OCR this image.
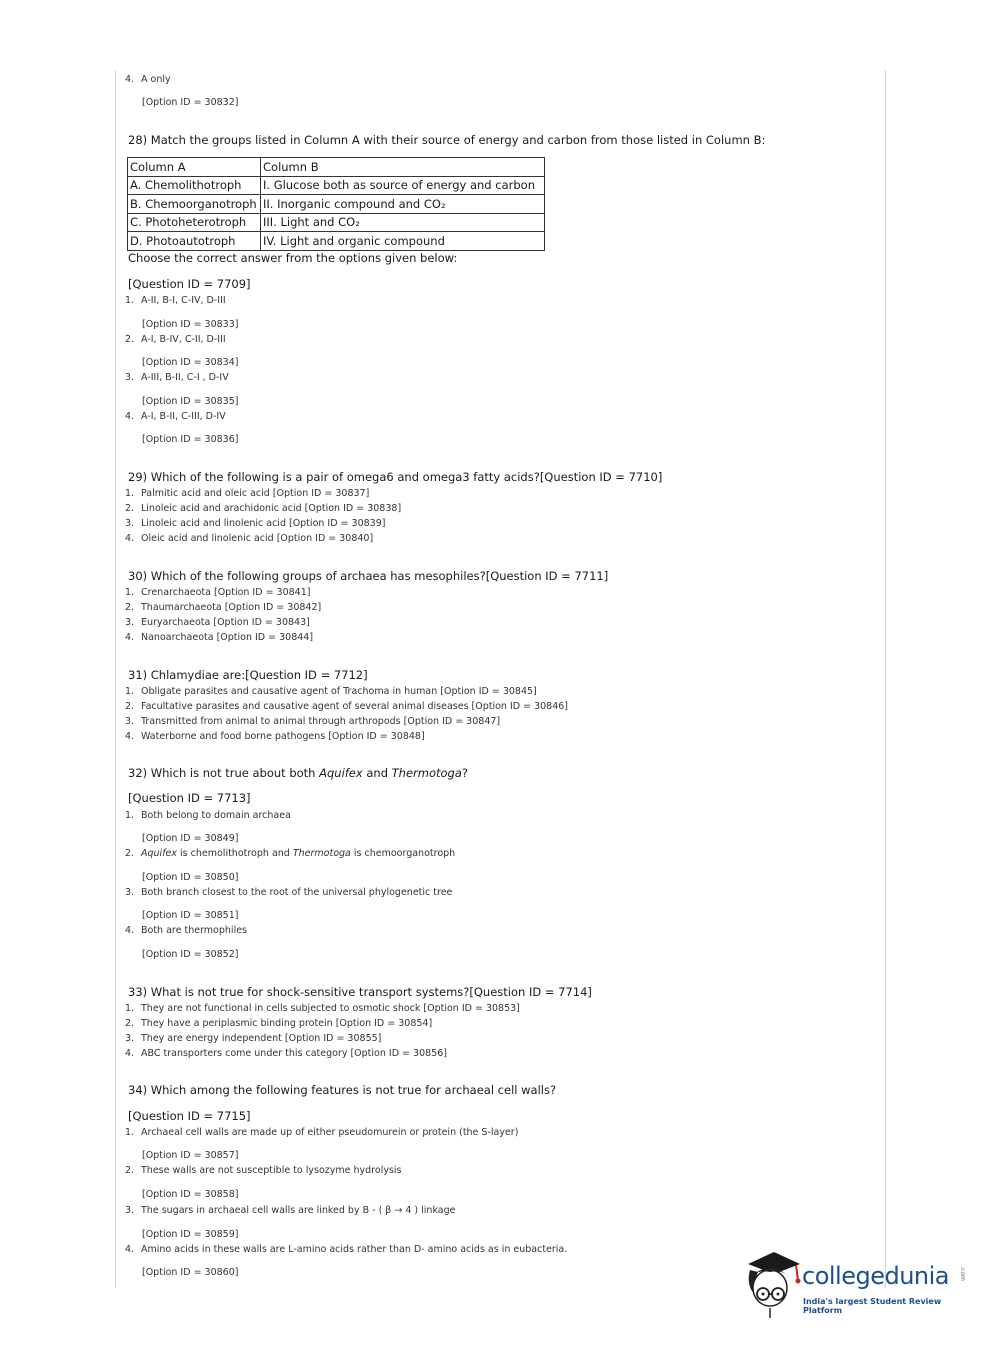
4. A only
[Option ID = 30832]
28) Match the groups listed in Column A with their source of energy and carbon from those listed in Column B:
Column A	Column B
A. Chemolithotroph	I. Glucose both as source of energy and carbon
B. Chemoorganotroph	II. Inorganic compound and CO₂
C. Photoheterotroph	III. Light and CO₂
D. Photoautotroph	IV. Light and organic compound
Choose the correct answer from the options given below:
[Question ID = 7709]
1. A-II, B-I, C-IV, D-III
[Option ID = 30833]
2. A-I, B-IV, C-II, D-III
[Option ID = 30834]
3. A-III, B-II, C-I , D-IV
[Option ID = 30835]
4. A-I, B-II, C-III, D-IV
[Option ID = 30836]
29) Which of the following is a pair of omega6 and omega3 fatty acids?[Question ID = 7710]
1. Palmitic acid and oleic acid [Option ID = 30837]
2. Linoleic acid and arachidonic acid [Option ID = 30838]
3. Linoleic acid and linolenic acid [Option ID = 30839]
4. Oleic acid and linolenic acid [Option ID = 30840]
30) Which of the following groups of archaea has mesophiles?[Question ID = 7711]
1. Crenarchaeota [Option ID = 30841]
2. Thaumarchaeota [Option ID = 30842]
3. Euryarchaeota [Option ID = 30843]
4. Nanoarchaeota [Option ID = 30844]
31) Chlamydiae are:[Question ID = 7712]
1. Obligate parasites and causative agent of Trachoma in human [Option ID = 30845]
2. Facultative parasites and causative agent of several animal diseases [Option ID = 30846]
3. Transmitted from animal to animal through arthropods [Option ID = 30847]
4. Waterborne and food borne pathogens [Option ID = 30848]
32) Which is not true about both Aquifex and Thermotoga?
[Question ID = 7713]
1. Both belong to domain archaea
[Option ID = 30849]
2. Aquifex is chemolithotroph and Thermotoga is chemoorganotroph
[Option ID = 30850]
3. Both branch closest to the root of the universal phylogenetic tree
[Option ID = 30851]
4. Both are thermophiles
[Option ID = 30852]
33) What is not true for shock-sensitive transport systems?[Question ID = 7714]
1. They are not functional in cells subjected to osmotic shock [Option ID = 30853]
2. They have a periplasmic binding protein [Option ID = 30854]
3. They are energy independent [Option ID = 30855]
4. ABC transporters come under this category [Option ID = 30856]
34) Which among the following features is not true for archaeal cell walls?
[Question ID = 7715]
1. Archaeal cell walls are made up of either pseudomurein or protein (the S-layer)
[Option ID = 30857]
2. These walls are not susceptible to lysozyme hydrolysis
[Option ID = 30858]
3. The sugars in archaeal cell walls are linked by B - ( β → 4 ) linkage
[Option ID = 30859]
4. Amino acids in these walls are L-amino acids rather than D- amino acids as in eubacteria.
[Option ID = 30860]	collegedunia .com
India's largest Student Review Platform
